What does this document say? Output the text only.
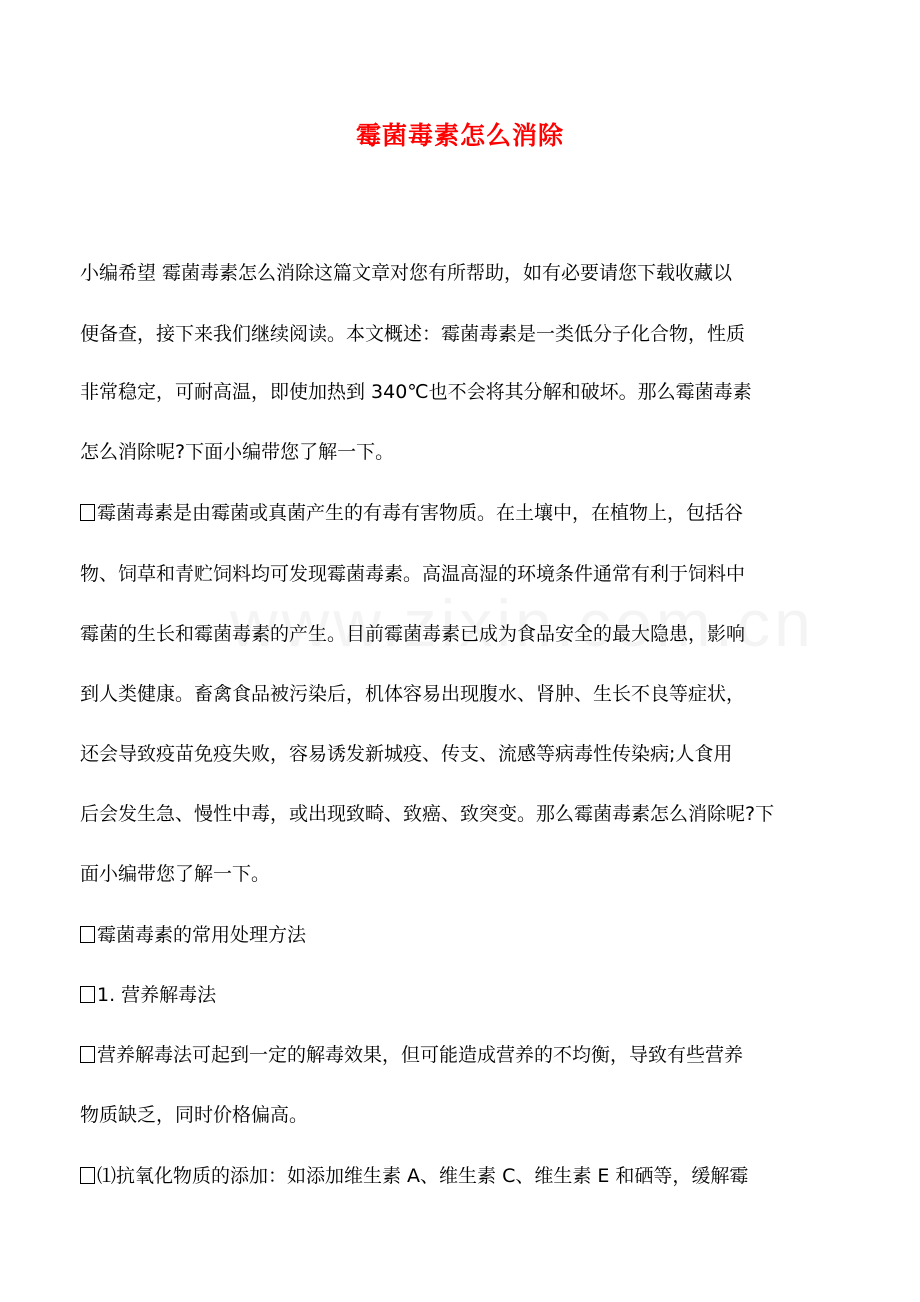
霉菌毒素怎么消除
小编希望 霉菌毒素怎么消除这篇文章对您有所帮助，如有必要请您下载收藏以
便备查，接下来我们继续阅读。本文概述：霉菌毒素是一类低分子化合物，性质
非常稳定，可耐高温，即使加热到 340℃也不会将其分解和破坏。那么霉菌毒素
怎么消除呢?下面小编带您了解一下。
霉菌毒素是由霉菌或真菌产生的有毒有害物质。在土壤中，在植物上，包括谷
物、饲草和青贮饲料均可发现霉菌毒素。高温高湿的环境条件通常有利于饲料中
霉菌的生长和霉菌毒素的产生。目前霉菌毒素已成为食品安全的最大隐患，影响
到人类健康。畜禽食品被污染后，机体容易出现腹水、肾肿、生长不良等症状，
还会导致疫苗免疫失败，容易诱发新城疫、传支、流感等病毒性传染病;人食用
后会发生急、慢性中毒，或出现致畸、致癌、致突变。那么霉菌毒素怎么消除呢?下
面小编带您了解一下。
霉菌毒素的常用处理方法
1. 营养解毒法
营养解毒法可起到一定的解毒效果，但可能造成营养的不均衡，导致有些营养
物质缺乏，同时价格偏高。
⑴抗氧化物质的添加：如添加维生素 A、维生素 C、维生素 E 和硒等，缓解霉
